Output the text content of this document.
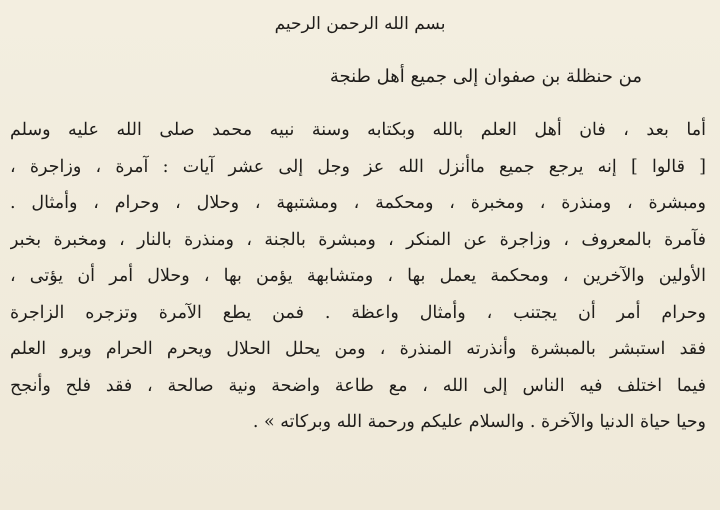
بسم الله الرحمن الرحيم
من حنظلة بن صفوان إلى جميع أهل طنجة
أما بعد ، فان أهل العلم بالله وبكتابه وسنة نبيه محمد صلى الله عليه وسلم
[ قالوا ] إنه يرجع جميع ماأنزل الله عز وجل إلى عشر آيات : آمرة ، وزاجرة ،
ومبشرة ، ومنذرة ، ومخبرة ، ومحكمة ، ومشتبهة ، وحلال ، وحرام ، وأمثال .
فآمرة بالمعروف ، وزاجرة عن المنكر ، ومبشرة بالجنة ، ومنذرة بالنار ، ومخبرة بخبر
الأولين والآخرين ، ومحكمة يعمل بها ، ومتشابهة يؤمن بها ، وحلال أمر أن يؤتى ،
وحرام أمر أن يجتنب ، وأمثال واعظة . فمن يطع الآمرة وتزجره الزاجرة
فقد استبشر بالمبشرة وأنذرته المنذرة ، ومن يحلل الحلال ويحرم الحرام ويرو العلم
فيما اختلف فيه الناس إلى الله ، مع طاعة واضحة ونية صالحة ، فقد فلح وأنجح
وحيا حياة الدنيا والآخرة . والسلام عليكم ورحمة الله وبركاته » .
